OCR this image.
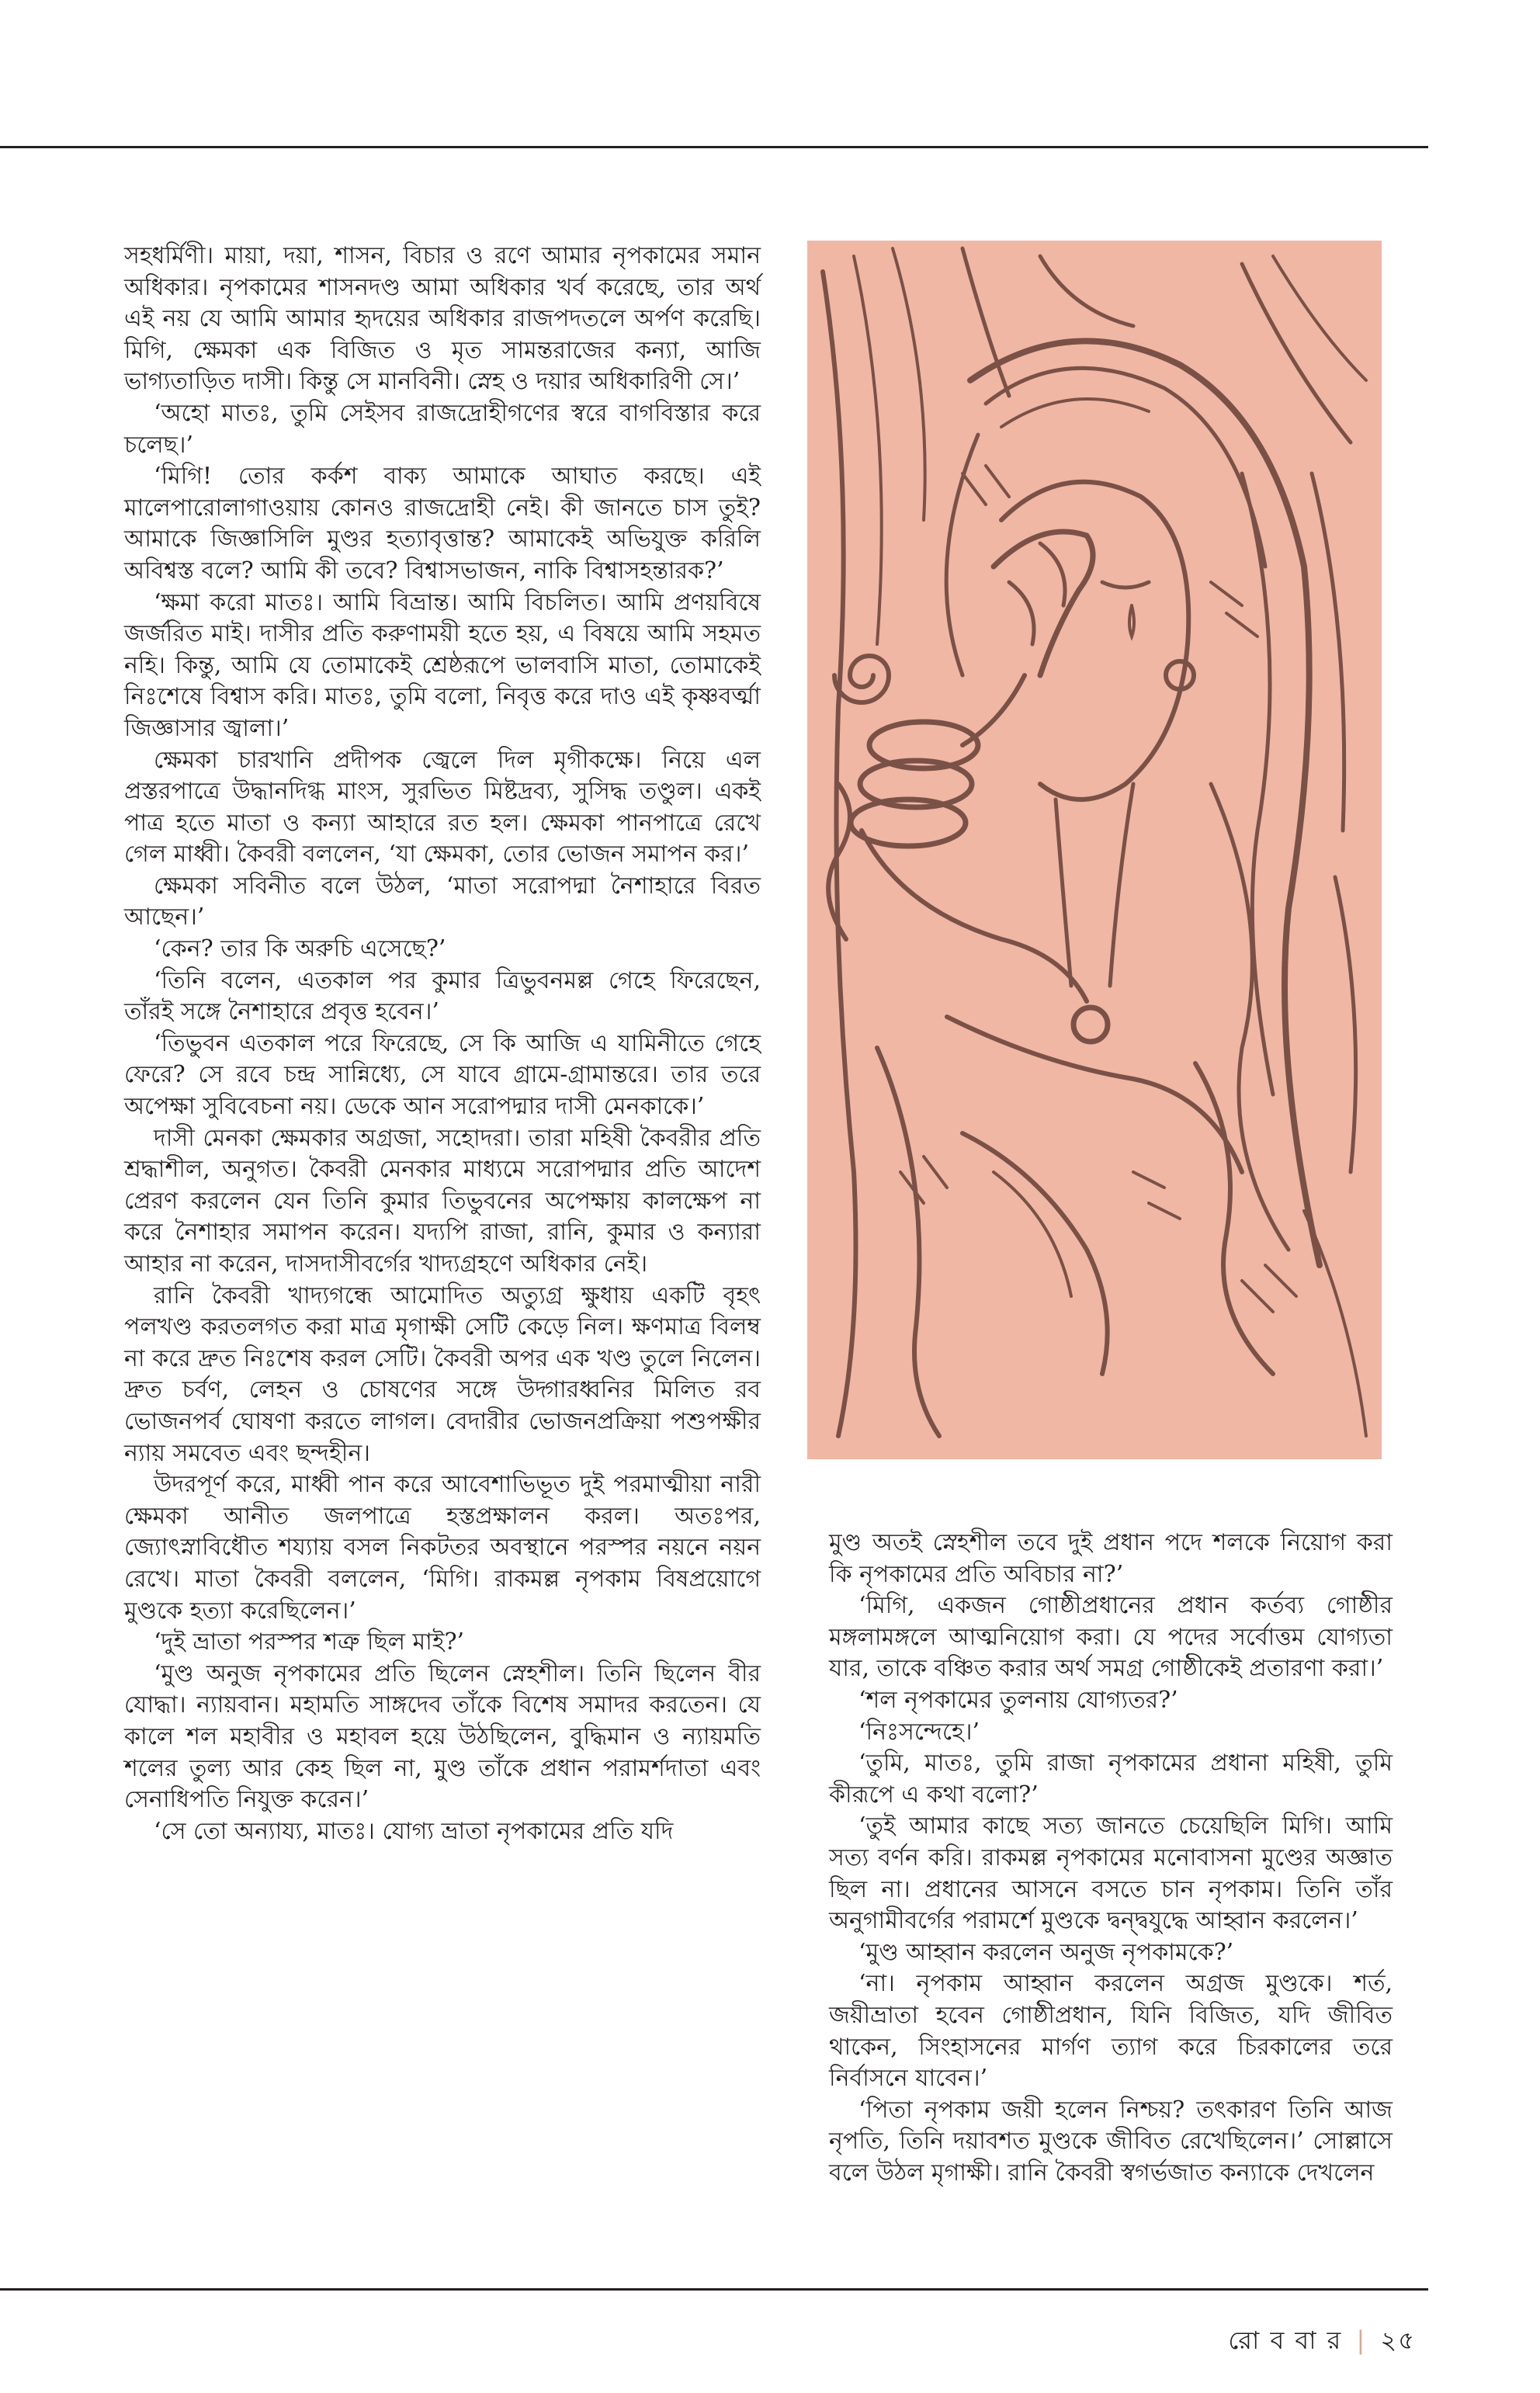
সহধর্মিণী। মায়া, দয়া, শাসন, বিচার ও রণে আমার নৃপকামের সমান অধিকার। নৃপকামের শাসনদণ্ড আমা অধিকার খর্ব করেছে, তার অর্থ এই নয় যে আমি আমার হৃদয়ের অধিকার রাজপদতলে অর্পণ করেছি। মিগি, ক্ষেমকা এক বিজিত ও মৃত সামন্তরাজের কন্যা, আজি ভাগ্যতাড়িত দাসী। কিন্তু সে মানবিনী। স্নেহ ও দয়ার অধিকারিণী সে।’

‘অহো মাতঃ, তুমি সেইসব রাজদ্রোহীগণের স্বরে বাগবিস্তার করে চলেছ।’

‘মিগি! তোর কর্কশ বাক্য আমাকে আঘাত করছে। এই মালেপারোলাগাওয়ায় কোনও রাজদ্রোহী নেই। কী জানতে চাস তুই? আমাকে জিজ্ঞাসিলি মুণ্ডর হত্যাবৃত্তান্ত? আমাকেই অভিযুক্ত করিলি অবিশ্বস্ত বলে? আমি কী তবে? বিশ্বাসভাজন, নাকি বিশ্বাসহন্তারক?’

‘ক্ষমা করো মাতঃ। আমি বিভ্রান্ত। আমি বিচলিত। আমি প্রণয়বিষে জর্জরিত মাই। দাসীর প্রতি করুণাময়ী হতে হয়, এ বিষয়ে আমি সহমত নহি। কিন্তু, আমি যে তোমাকেই শ্রেষ্ঠরূপে ভালবাসি মাতা, তোমাকেই নিঃশেষে বিশ্বাস করি। মাতঃ, তুমি বলো, নিবৃত্ত করে দাও এই কৃষ্ণবর্ত্মা জিজ্ঞাসার জ্বালা।’

ক্ষেমকা চারখানি প্রদীপক জ্বেলে দিল মৃগীকক্ষে। নিয়ে এল প্রস্তরপাত্রে উদ্ধানদিগ্ধ মাংস, সুরভিত মিষ্টদ্রব্য, সুসিদ্ধ তণ্ডুল। একই পাত্র হতে মাতা ও কন্যা আহারে রত হল। ক্ষেমকা পানপাত্রে রেখে গেল মাধ্বী। কৈবরী বললেন, ‘যা ক্ষেমকা, তোর ভোজন সমাপন কর।’

ক্ষেমকা সবিনীত বলে উঠল, ‘মাতা সরোপদ্মা নৈশাহারে বিরত আছেন।’

‘কেন? তার কি অরুচি এসেছে?’

‘তিনি বলেন, এতকাল পর কুমার ত্রিভুবনমল্ল গেহে ফিরেছেন, তাঁরই সঙ্গে নৈশাহারে প্রবৃত্ত হবেন।’

‘তিভুবন এতকাল পরে ফিরেছে, সে কি আজি এ যামিনীতে গেহে ফেরে? সে রবে চন্দ্র সান্নিধ্যে, সে যাবে গ্রামে-গ্রামান্তরে। তার তরে অপেক্ষা সুবিবেচনা নয়। ডেকে আন সরোপদ্মার দাসী মেনকাকে।’

দাসী মেনকা ক্ষেমকার অগ্রজা, সহোদরা। তারা মহিষী কৈবরীর প্রতি শ্রদ্ধাশীল, অনুগত। কৈবরী মেনকার মাধ্যমে সরোপদ্মার প্রতি আদেশ প্রেরণ করলেন যেন তিনি কুমার তিভুবনের অপেক্ষায় কালক্ষেপ না করে নৈশাহার সমাপন করেন। যদ্যপি রাজা, রানি, কুমার ও কন্যারা আহার না করেন, দাসদাসীবর্গের খাদ্যগ্রহণে অধিকার নেই।

রানি কৈবরী খাদ্যগন্ধে আমোদিত অত্যুগ্র ক্ষুধায় একটি বৃহৎ পলখণ্ড করতলগত করা মাত্র মৃগাক্ষী সেটি কেড়ে নিল। ক্ষণমাত্র বিলম্ব না করে দ্রুত নিঃশেষ করল সেটি। কৈবরী অপর এক খণ্ড তুলে নিলেন। দ্রুত চর্বণ, লেহন ও চোষণের সঙ্গে উদ্গারধ্বনির মিলিত রব ভোজনপর্ব ঘোষণা করতে লাগল। বেদারীর ভোজনপ্রক্রিয়া পশুপক্ষীর ন্যায় সমবেত এবং ছন্দহীন।

উদরপূর্ণ করে, মাধ্বী পান করে আবেশাভিভূত দুই পরমাত্মীয়া নারী ক্ষেমকা আনীত জলপাত্রে হস্তপ্রক্ষালন করল। অতঃপর, জ্যোৎস্নাবিধৌত শয্যায় বসল নিকটতর অবস্থানে পরস্পর নয়নে নয়ন রেখে। মাতা কৈবরী বললেন, ‘মিগি। রাকমল্ল নৃপকাম বিষপ্রয়োগে মুণ্ডকে হত্যা করেছিলেন।’

‘দুই ভ্রাতা পরস্পর শত্রু ছিল মাই?’

‘মুণ্ড অনুজ নৃপকামের প্রতি ছিলেন স্নেহশীল। তিনি ছিলেন বীর যোদ্ধা। ন্যায়বান। মহামতি সাঙ্গদেব তাঁকে বিশেষ সমাদর করতেন। যে কালে শল মহাবীর ও মহাবল হয়ে উঠছিলেন, বুদ্ধিমান ও ন্যায়মতি শলের তুল্য আর কেহ ছিল না, মুণ্ড তাঁকে প্রধান পরামর্শদাতা এবং সেনাধিপতি নিযুক্ত করেন।’

‘সে তো অন্যায্য, মাতঃ। যোগ্য ভ্রাতা নৃপকামের প্রতি যদি

মুণ্ড অতই স্নেহশীল তবে দুই প্রধান পদে শলকে নিয়োগ করা কি নৃপকামের প্রতি অবিচার না?’

‘মিগি, একজন গোষ্ঠীপ্রধানের প্রধান কর্তব্য গোষ্ঠীর মঙ্গলামঙ্গলে আত্মনিয়োগ করা। যে পদের সর্বোত্তম যোগ্যতা যার, তাকে বঞ্চিত করার অর্থ সমগ্র গোষ্ঠীকেই প্রতারণা করা।’

‘শল নৃপকামের তুলনায় যোগ্যতর?’

‘নিঃসন্দেহে।’

‘তুমি, মাতঃ, তুমি রাজা নৃপকামের প্রধানা মহিষী, তুমি কীরূপে এ কথা বলো?’

‘তুই আমার কাছে সত্য জানতে চেয়েছিলি মিগি। আমি সত্য বর্ণন করি। রাকমল্ল নৃপকামের মনোবাসনা মুণ্ডের অজ্ঞাত ছিল না। প্রধানের আসনে বসতে চান নৃপকাম। তিনি তাঁর অনুগামীবর্গের পরামর্শে মুণ্ডকে দ্বন্দ্বযুদ্ধে আহ্বান করলেন।’

‘মুণ্ড আহ্বান করলেন অনুজ নৃপকামকে?’

‘না। নৃপকাম আহ্বান করলেন অগ্রজ মুণ্ডকে। শর্ত, জয়ীভ্রাতা হবেন গোষ্ঠীপ্রধান, যিনি বিজিত, যদি জীবিত থাকেন, সিংহাসনের মার্গণ ত্যাগ করে চিরকালের তরে নির্বাসনে যাবেন।’

‘পিতা নৃপকাম জয়ী হলেন নিশ্চয়? তৎকারণ তিনি আজ নৃপতি, তিনি দয়াবশত মুণ্ডকে জীবিত রেখেছিলেন।’ সোল্লাসে বলে উঠল মৃগাক্ষী। রানি কৈবরী স্বগর্ভজাত কন্যাকে দেখলেন

রো ব বা র | ২৫
